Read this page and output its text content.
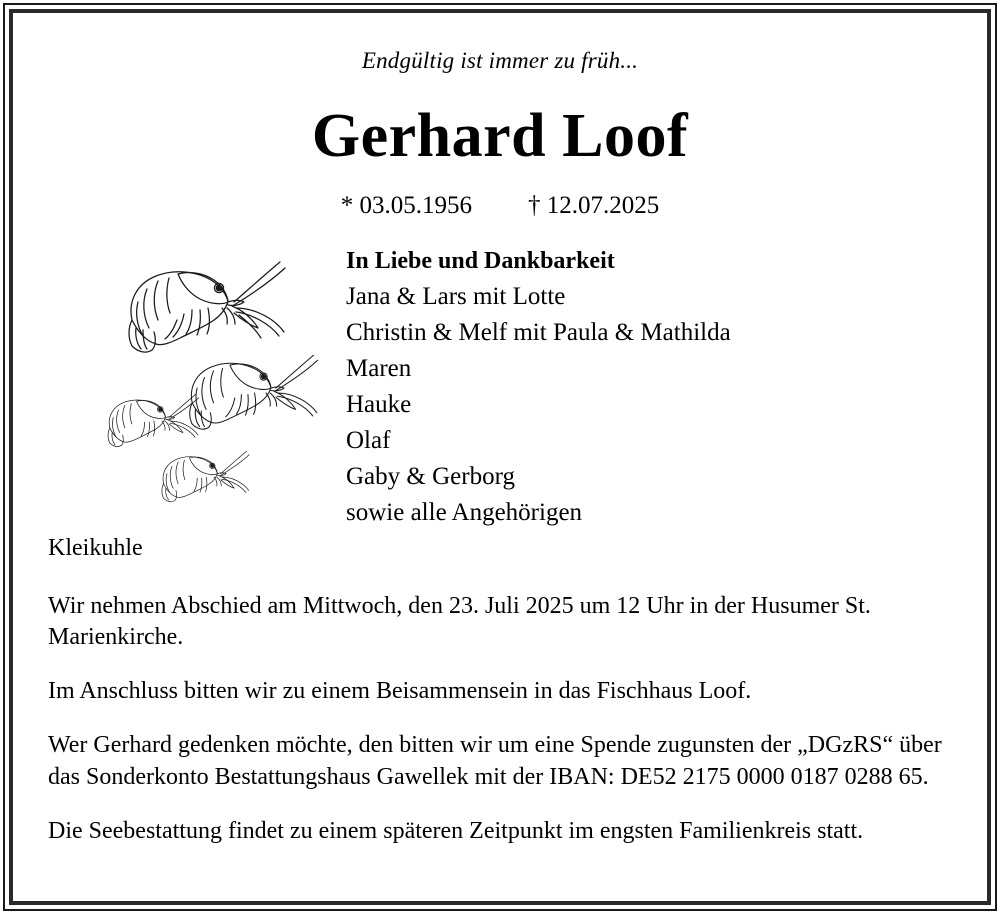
Endgültig ist immer zu früh...
Gerhard Loof
* 03.05.1956 † 12.07.2025
In Liebe und Dankbarkeit
Jana & Lars mit Lotte
Christin & Melf mit Paula & Mathilda
Maren
Hauke
Olaf
Gaby & Gerborg
sowie alle Angehörigen

Kleikuhle

Wir nehmen Abschied am Mittwoch, den 23. Juli 2025 um 12 Uhr in der Husumer St. Marienkirche.

Im Anschluss bitten wir zu einem Beisammensein in das Fischhaus Loof.

Wer Gerhard gedenken möchte, den bitten wir um eine Spende zugunsten der „DGzRS“ über das Sonderkonto Bestattungshaus Gawellek mit der IBAN: DE52 2175 0000 0187 0288 65.

Die Seebestattung findet zu einem späteren Zeitpunkt im engsten Familienkreis statt.
